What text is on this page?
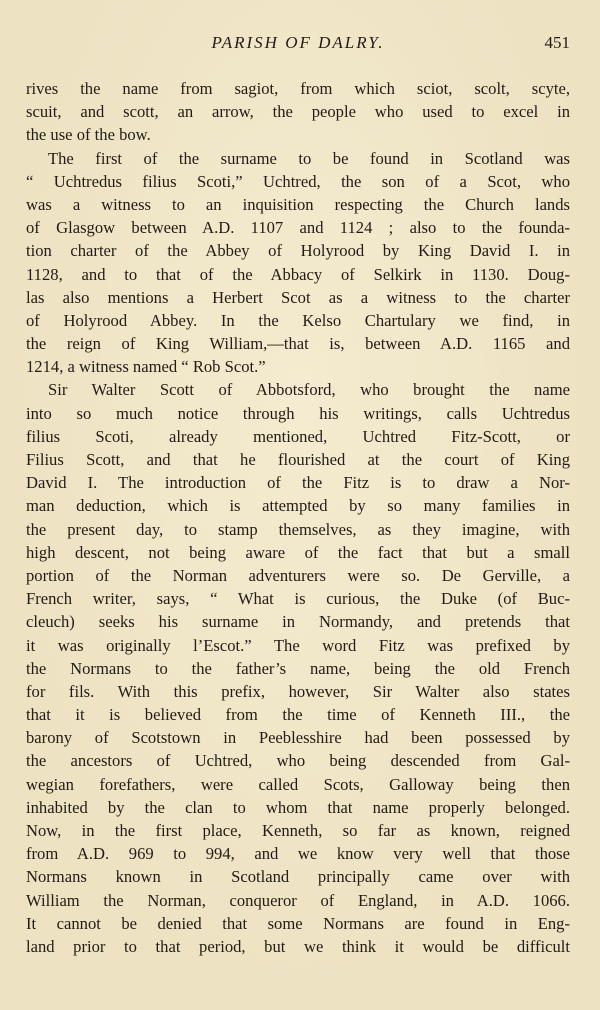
PARISH OF DALRY.	451
rives the name from sagiot, from which sciot, scolt, scyte,
scuit, and scott, an arrow, the people who used to excel in
the use of the bow.
The first of the surname to be found in Scotland was
“ Uchtredus filius Scoti,” Uchtred, the son of a Scot, who
was a witness to an inquisition respecting the Church lands
of Glasgow between A.D. 1107 and 1124 ; also to the founda-
tion charter of the Abbey of Holyrood by King David I. in
1128, and to that of the Abbacy of Selkirk in 1130. Doug-
las also mentions a Herbert Scot as a witness to the charter
of Holyrood Abbey. In the Kelso Chartulary we find, in
the reign of King William,—that is, between A.D. 1165 and
1214, a witness named “ Rob Scot.”
Sir Walter Scott of Abbotsford, who brought the name
into so much notice through his writings, calls Uchtredus
filius Scoti, already mentioned, Uchtred Fitz-Scott, or
Filius Scott, and that he flourished at the court of King
David I. The introduction of the Fitz is to draw a Nor-
man deduction, which is attempted by so many families in
the present day, to stamp themselves, as they imagine, with
high descent, not being aware of the fact that but a small
portion of the Norman adventurers were so. De Gerville, a
French writer, says, “ What is curious, the Duke (of Buc-
cleuch) seeks his surname in Normandy, and pretends that
it was originally l’Escot.” The word Fitz was prefixed by
the Normans to the father’s name, being the old French
for fils. With this prefix, however, Sir Walter also states
that it is believed from the time of Kenneth III., the
barony of Scotstown in Peeblesshire had been possessed by
the ancestors of Uchtred, who being descended from Gal-
wegian forefathers, were called Scots, Galloway being then
inhabited by the clan to whom that name properly belonged.
Now, in the first place, Kenneth, so far as known, reigned
from A.D. 969 to 994, and we know very well that those
Normans known in Scotland principally came over with
William the Norman, conqueror of England, in A.D. 1066.
It cannot be denied that some Normans are found in Eng-
land prior to that period, but we think it would be difficult
